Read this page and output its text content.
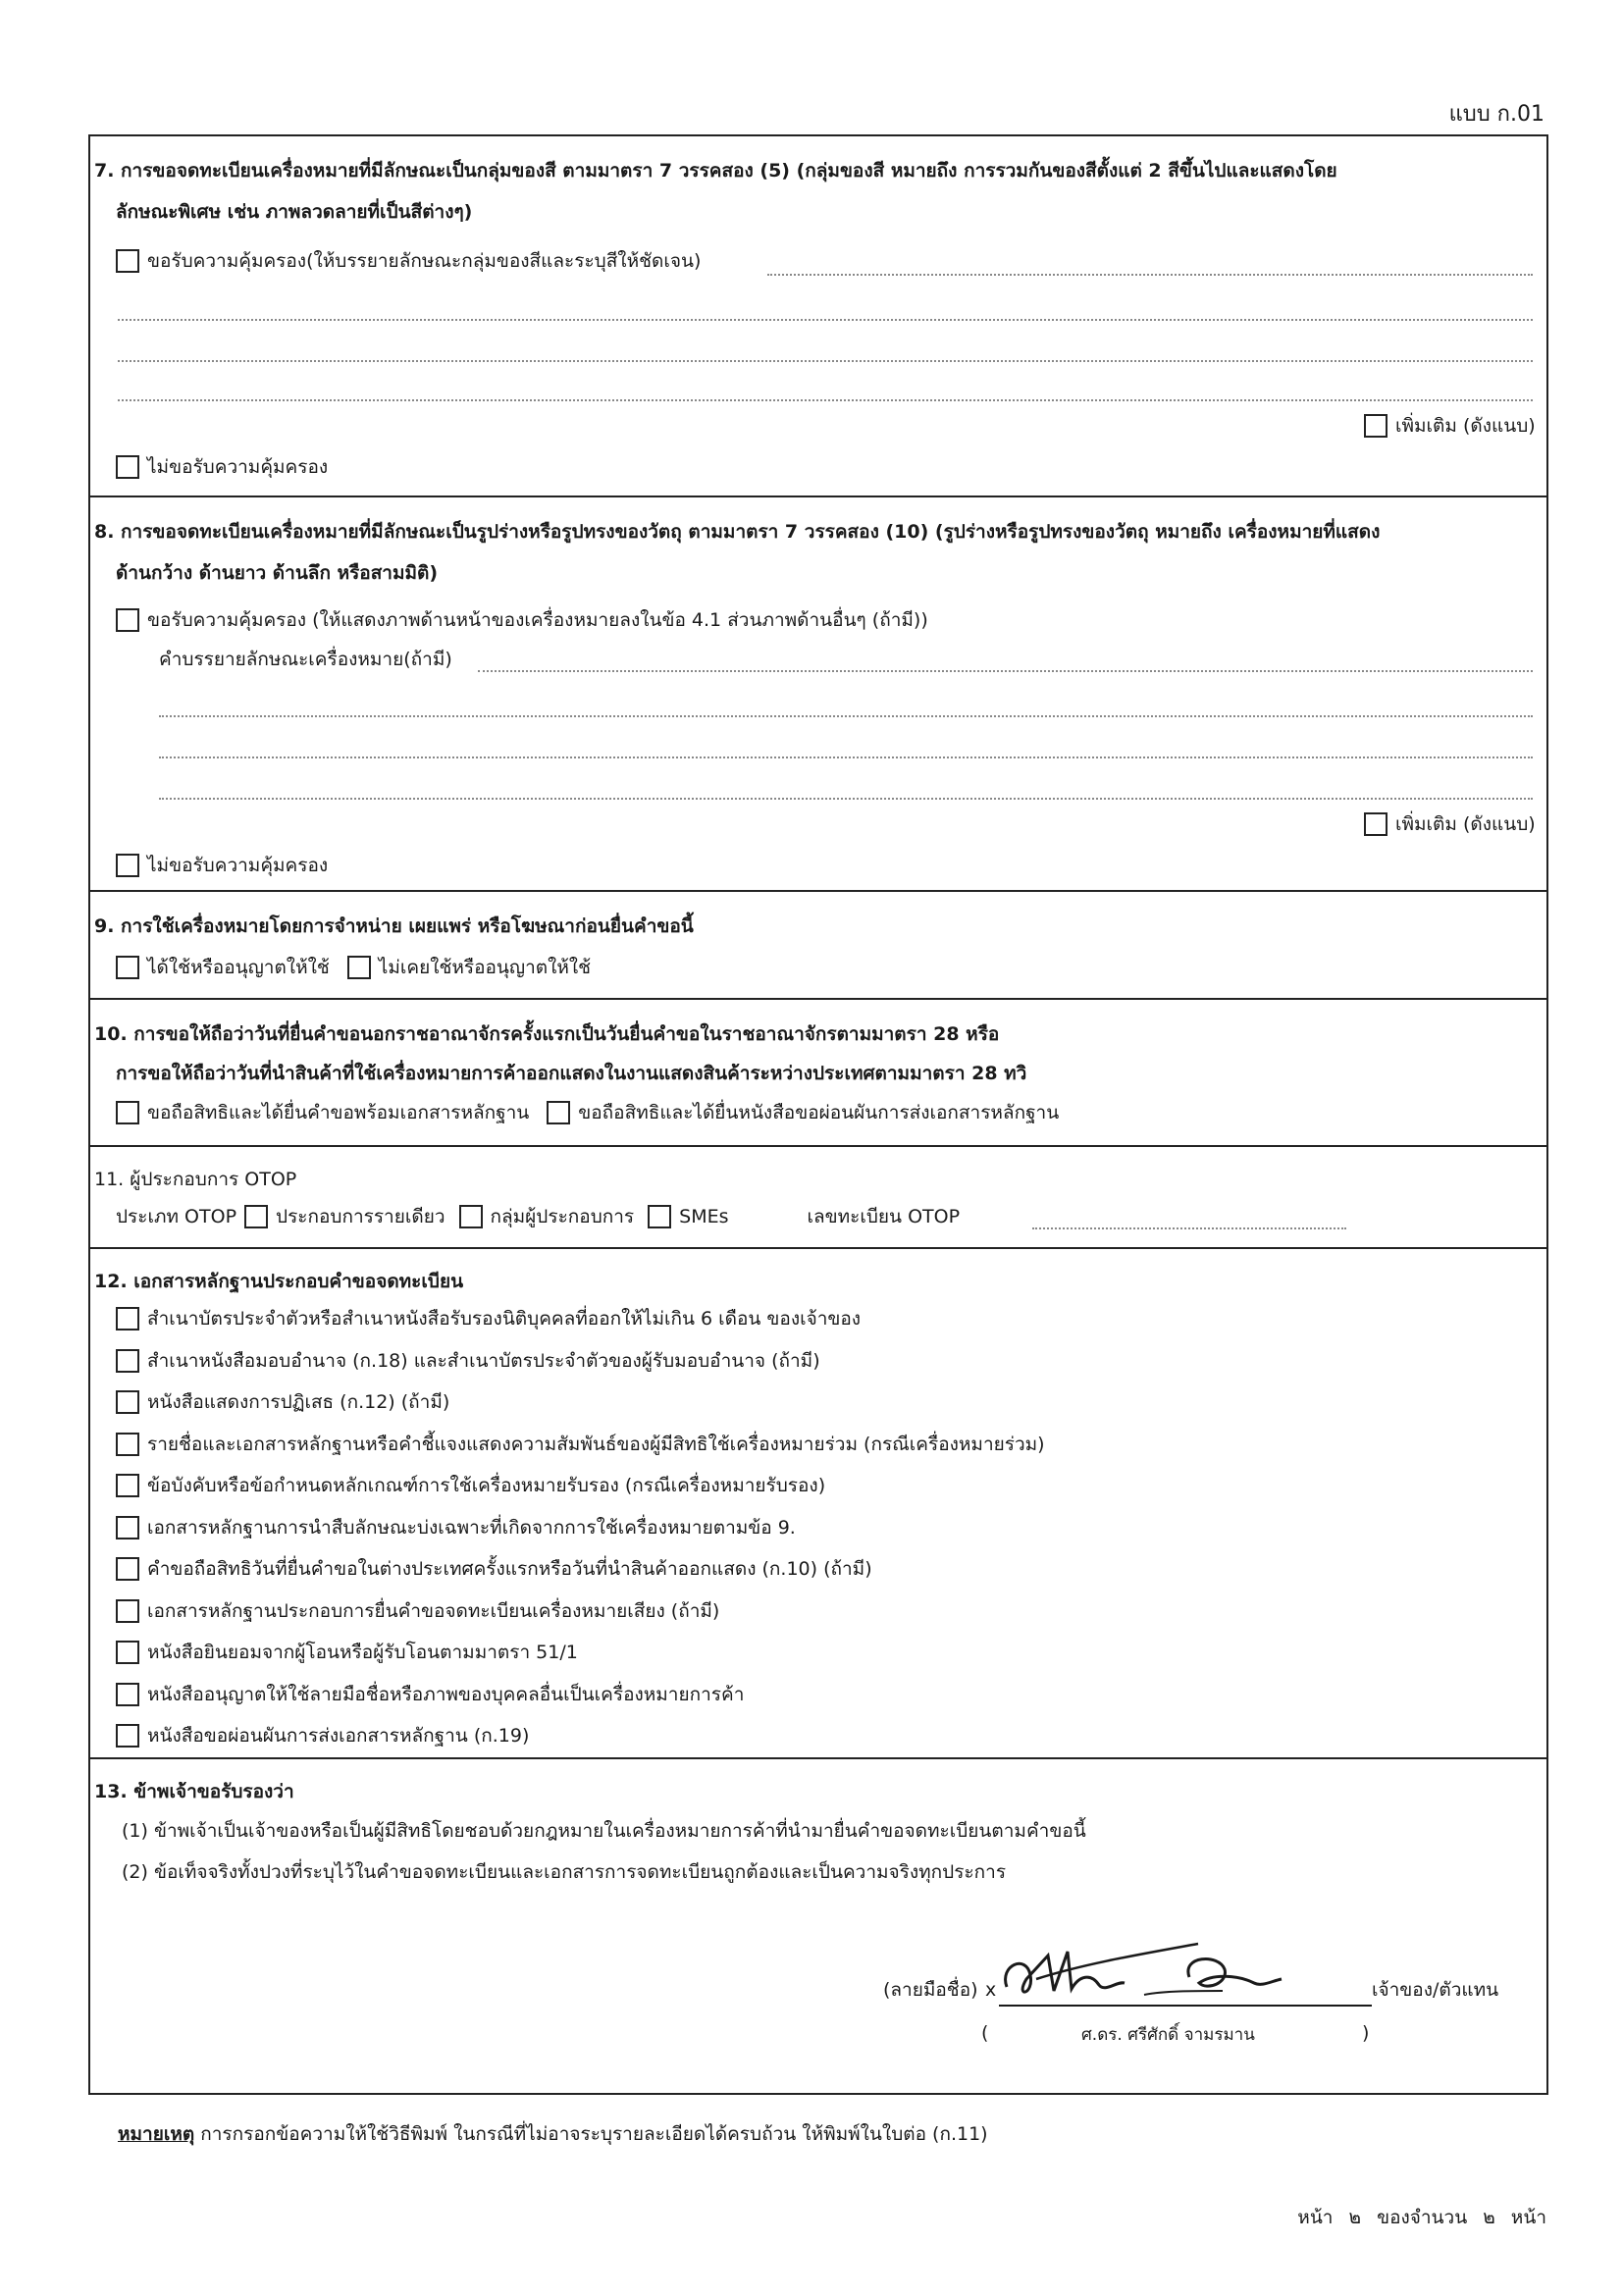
แบบ ก.01
7. การขอจดทะเบียนเครื่องหมายที่มีลักษณะเป็นกลุ่มของสี ตามมาตรา 7 วรรคสอง (5) (กลุ่มของสี หมายถึง การรวมกันของสีตั้งแต่ 2 สีขึ้นไปและแสดงโดย
ลักษณะพิเศษ เช่น ภาพลวดลายที่เป็นสีต่างๆ)
ขอรับความคุ้มครอง(ให้บรรยายลักษณะกลุ่มของสีและระบุสีให้ชัดเจน)
เพิ่มเติม (ดังแนบ)
ไม่ขอรับความคุ้มครอง
8. การขอจดทะเบียนเครื่องหมายที่มีลักษณะเป็นรูปร่างหรือรูปทรงของวัตถุ ตามมาตรา 7 วรรคสอง (10) (รูปร่างหรือรูปทรงของวัตถุ หมายถึง เครื่องหมายที่แสดง
ด้านกว้าง ด้านยาว ด้านลึก หรือสามมิติ)
ขอรับความคุ้มครอง (ให้แสดงภาพด้านหน้าของเครื่องหมายลงในข้อ 4.1 ส่วนภาพด้านอื่นๆ (ถ้ามี))
คำบรรยายลักษณะเครื่องหมาย(ถ้ามี)
เพิ่มเติม (ดังแนบ)
ไม่ขอรับความคุ้มครอง
9. การใช้เครื่องหมายโดยการจำหน่าย เผยแพร่ หรือโฆษณาก่อนยื่นคำขอนี้
ได้ใช้หรืออนุญาตให้ใช้	ไม่เคยใช้หรืออนุญาตให้ใช้
10. การขอให้ถือว่าวันที่ยื่นคำขอนอกราชอาณาจักรครั้งแรกเป็นวันยื่นคำขอในราชอาณาจักรตามมาตรา 28 หรือ
การขอให้ถือว่าวันที่นำสินค้าที่ใช้เครื่องหมายการค้าออกแสดงในงานแสดงสินค้าระหว่างประเทศตามมาตรา 28 ทวิ
ขอถือสิทธิและได้ยื่นคำขอพร้อมเอกสารหลักฐาน	ขอถือสิทธิและได้ยื่นหนังสือขอผ่อนผันการส่งเอกสารหลักฐาน
11. ผู้ประกอบการ OTOP
ประเภท OTOP ประกอบการรายเดียว กลุ่มผู้ประกอบการ SMEs	เลขทะเบียน OTOP
12. เอกสารหลักฐานประกอบคำขอจดทะเบียน
สำเนาบัตรประจำตัวหรือสำเนาหนังสือรับรองนิติบุคคลที่ออกให้ไม่เกิน 6 เดือน ของเจ้าของ
สำเนาหนังสือมอบอำนาจ (ก.18) และสำเนาบัตรประจำตัวของผู้รับมอบอำนาจ (ถ้ามี)
หนังสือแสดงการปฏิเสธ (ก.12) (ถ้ามี)
รายชื่อและเอกสารหลักฐานหรือคำชี้แจงแสดงความสัมพันธ์ของผู้มีสิทธิใช้เครื่องหมายร่วม (กรณีเครื่องหมายร่วม)
ข้อบังคับหรือข้อกำหนดหลักเกณฑ์การใช้เครื่องหมายรับรอง (กรณีเครื่องหมายรับรอง)
เอกสารหลักฐานการนำสืบลักษณะบ่งเฉพาะที่เกิดจากการใช้เครื่องหมายตามข้อ 9.
คำขอถือสิทธิวันที่ยื่นคำขอในต่างประเทศครั้งแรกหรือวันที่นำสินค้าออกแสดง (ก.10) (ถ้ามี)
เอกสารหลักฐานประกอบการยื่นคำขอจดทะเบียนเครื่องหมายเสียง (ถ้ามี)
หนังสือยินยอมจากผู้โอนหรือผู้รับโอนตามมาตรา 51/1
หนังสืออนุญาตให้ใช้ลายมือชื่อหรือภาพของบุคคลอื่นเป็นเครื่องหมายการค้า
หนังสือขอผ่อนผันการส่งเอกสารหลักฐาน (ก.19)
13. ข้าพเจ้าขอรับรองว่า
(1) ข้าพเจ้าเป็นเจ้าของหรือเป็นผู้มีสิทธิโดยชอบด้วยกฎหมายในเครื่องหมายการค้าที่นำมายื่นคำขอจดทะเบียนตามคำขอนี้
(2) ข้อเท็จจริงทั้งปวงที่ระบุไว้ในคำขอจดทะเบียนและเอกสารการจดทะเบียนถูกต้องและเป็นความจริงทุกประการ
(ลายมือชื่อ) x	เจ้าของ/ตัวแทน
(	ศ.ดร. ศรีศักดิ์ จามรมาน	)
หมายเหตุ การกรอกข้อความให้ใช้วิธีพิมพ์ ในกรณีที่ไม่อาจระบุรายละเอียดได้ครบถ้วน ให้พิมพ์ในใบต่อ (ก.11)
หน้า ๒ ของจำนวน ๒ หน้า
